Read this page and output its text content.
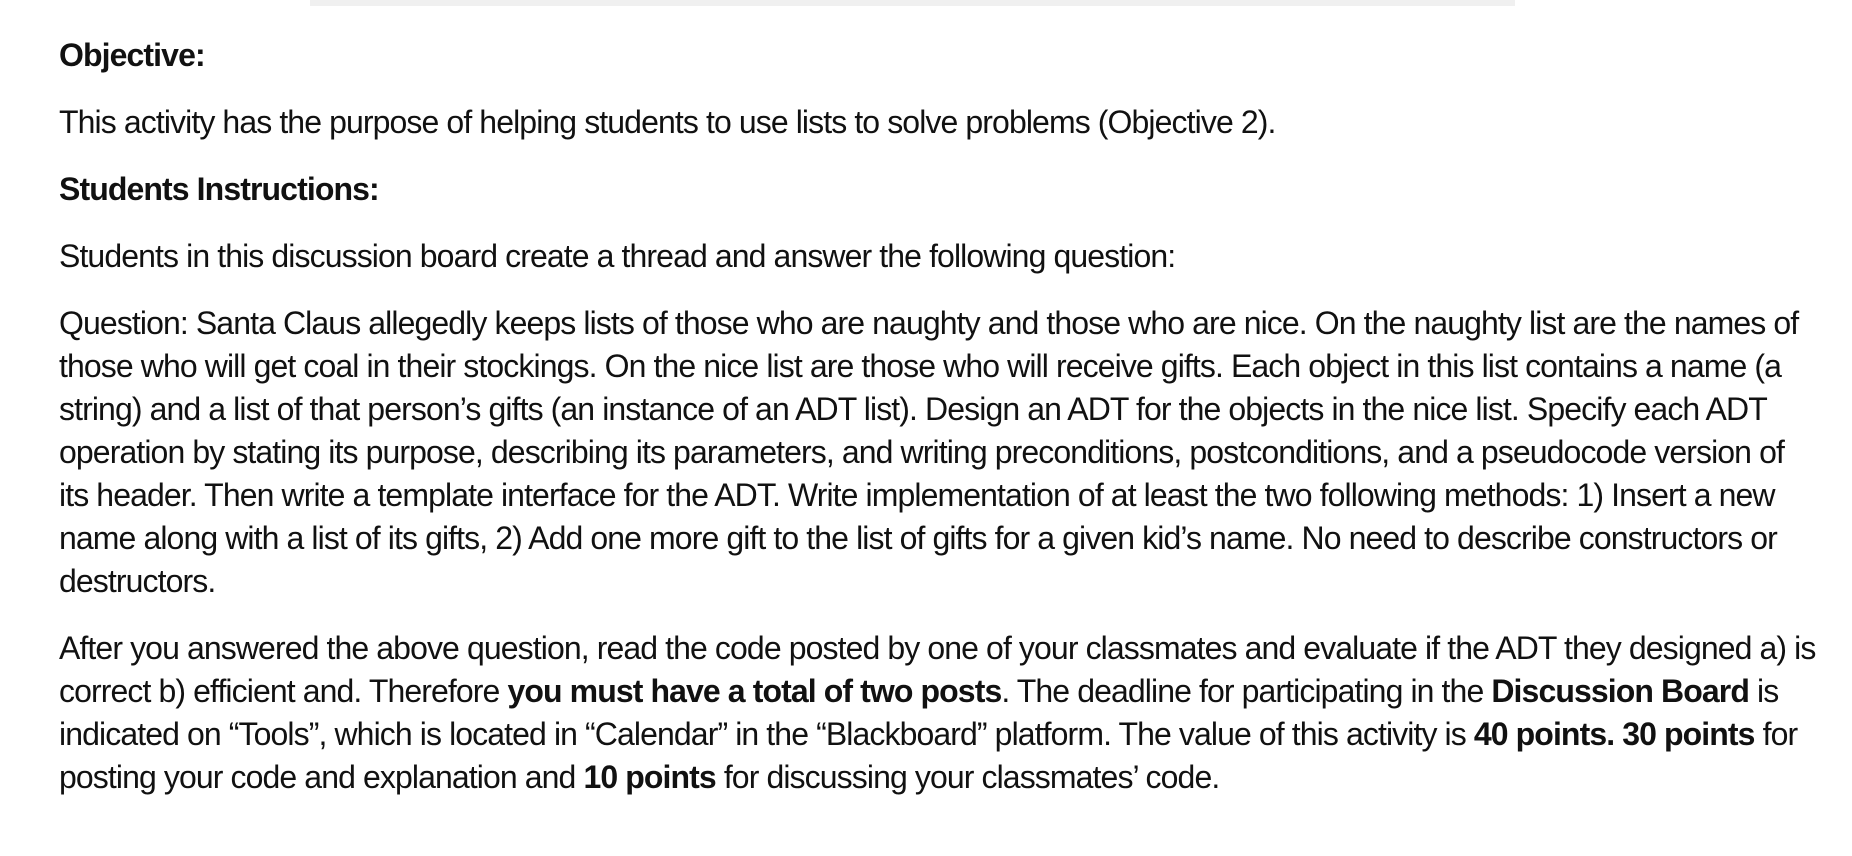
Objective:

This activity has the purpose of helping students to use lists to solve problems (Objective 2).

Students Instructions:

Students in this discussion board create a thread and answer the following question:

Question: Santa Claus allegedly keeps lists of those who are naughty and those who are nice. On the naughty list are the names of those who will get coal in their stockings. On the nice list are those who will receive gifts. Each object in this list contains a name (a string) and a list of that person’s gifts (an instance of an ADT list). Design an ADT for the objects in the nice list. Specify each ADT operation by stating its purpose, describing its parameters, and writing preconditions, postconditions, and a pseudocode version of its header. Then write a template interface for the ADT. Write implementation of at least the two following methods: 1) Insert a new name along with a list of its gifts, 2) Add one more gift to the list of gifts for a given kid’s name. No need to describe constructors or destructors.

After you answered the above question, read the code posted by one of your classmates and evaluate if the ADT they designed a) is correct b) efficient and. Therefore you must have a total of two posts. The deadline for participating in the Discussion Board is indicated on “Tools”, which is located in “Calendar” in the “Blackboard” platform. The value of this activity is 40 points. 30 points for posting your code and explanation and 10 points for discussing your classmates’ code.
